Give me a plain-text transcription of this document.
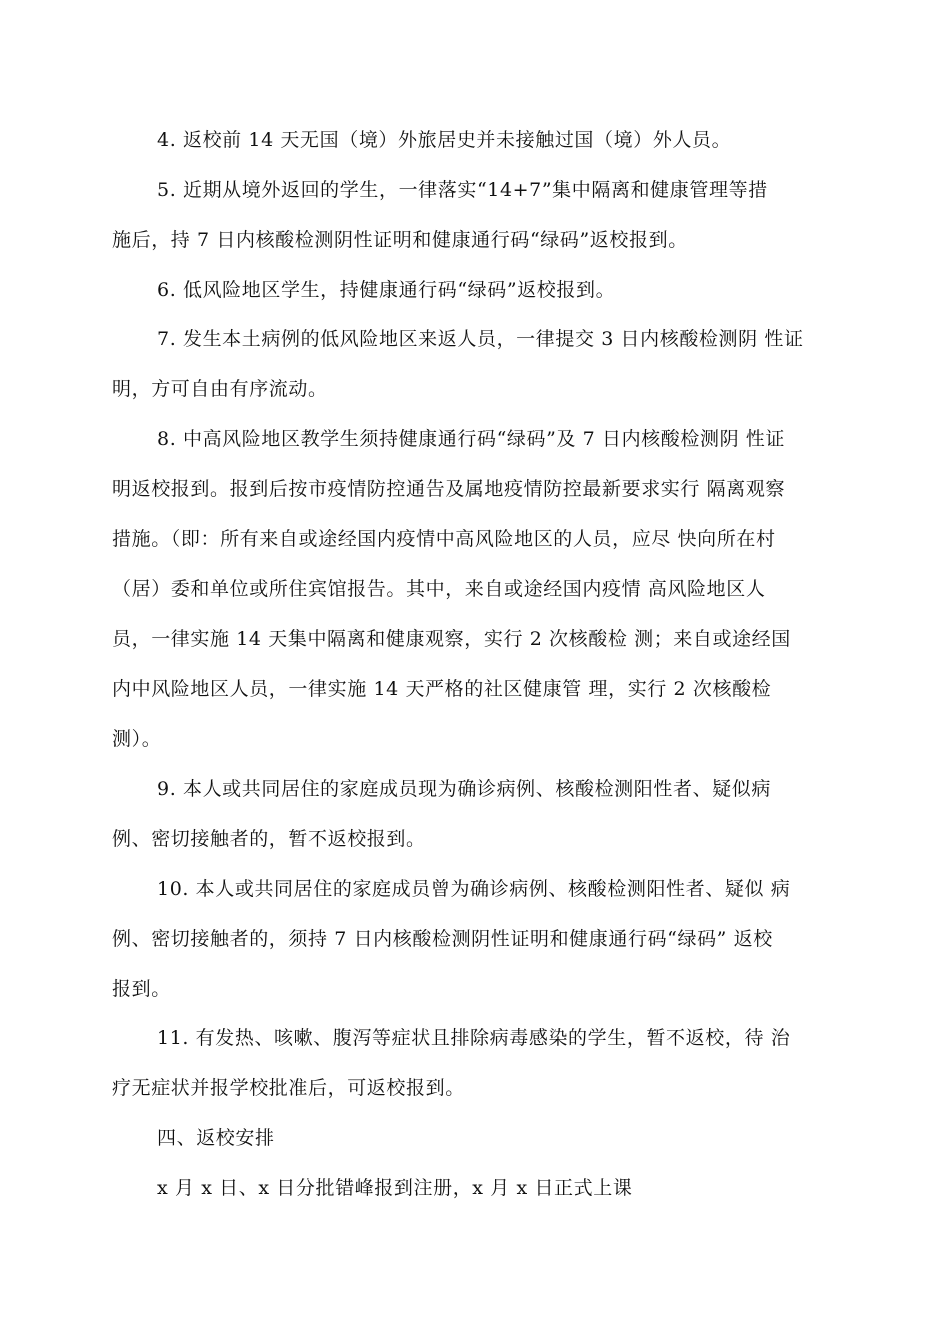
4. 返校前 14 天无国（境）外旅居史并未接触过国（境）外人员。
5. 近期从境外返回的学生，一律落实“14+7”集中隔离和健康管理等措
施后，持 7 日内核酸检测阴性证明和健康通行码“绿码”返校报到。
6. 低风险地区学生，持健康通行码“绿码”返校报到。
7. 发生本土病例的低风险地区来返人员，一律提交 3 日内核酸检测阴 性证
明，方可自由有序流动。
8. 中高风险地区教学生须持健康通行码“绿码”及 7 日内核酸检测阴 性证
明返校报到。报到后按市疫情防控通告及属地疫情防控最新要求实行 隔离观察
措施。（即：所有来自或途经国内疫情中高风险地区的人员，应尽 快向所在村
（居）委和单位或所住宾馆报告。其中，来自或途经国内疫情 高风险地区人
员，一律实施 14 天集中隔离和健康观察，实行 2 次核酸检 测；来自或途经国
内中风险地区人员，一律实施 14 天严格的社区健康管 理，实行 2 次核酸检
测）。
9. 本人或共同居住的家庭成员现为确诊病例、核酸检测阳性者、疑似病
例、密切接触者的，暂不返校报到。
10. 本人或共同居住的家庭成员曾为确诊病例、核酸检测阳性者、疑似 病
例、密切接触者的，须持 7 日内核酸检测阴性证明和健康通行码“绿码” 返校
报到。
11. 有发热、咳嗽、腹泻等症状且排除病毒感染的学生，暂不返校，待 治
疗无症状并报学校批准后，可返校报到。
四、返校安排
x 月 x 日、x 日分批错峰报到注册，x 月 x 日正式上课
